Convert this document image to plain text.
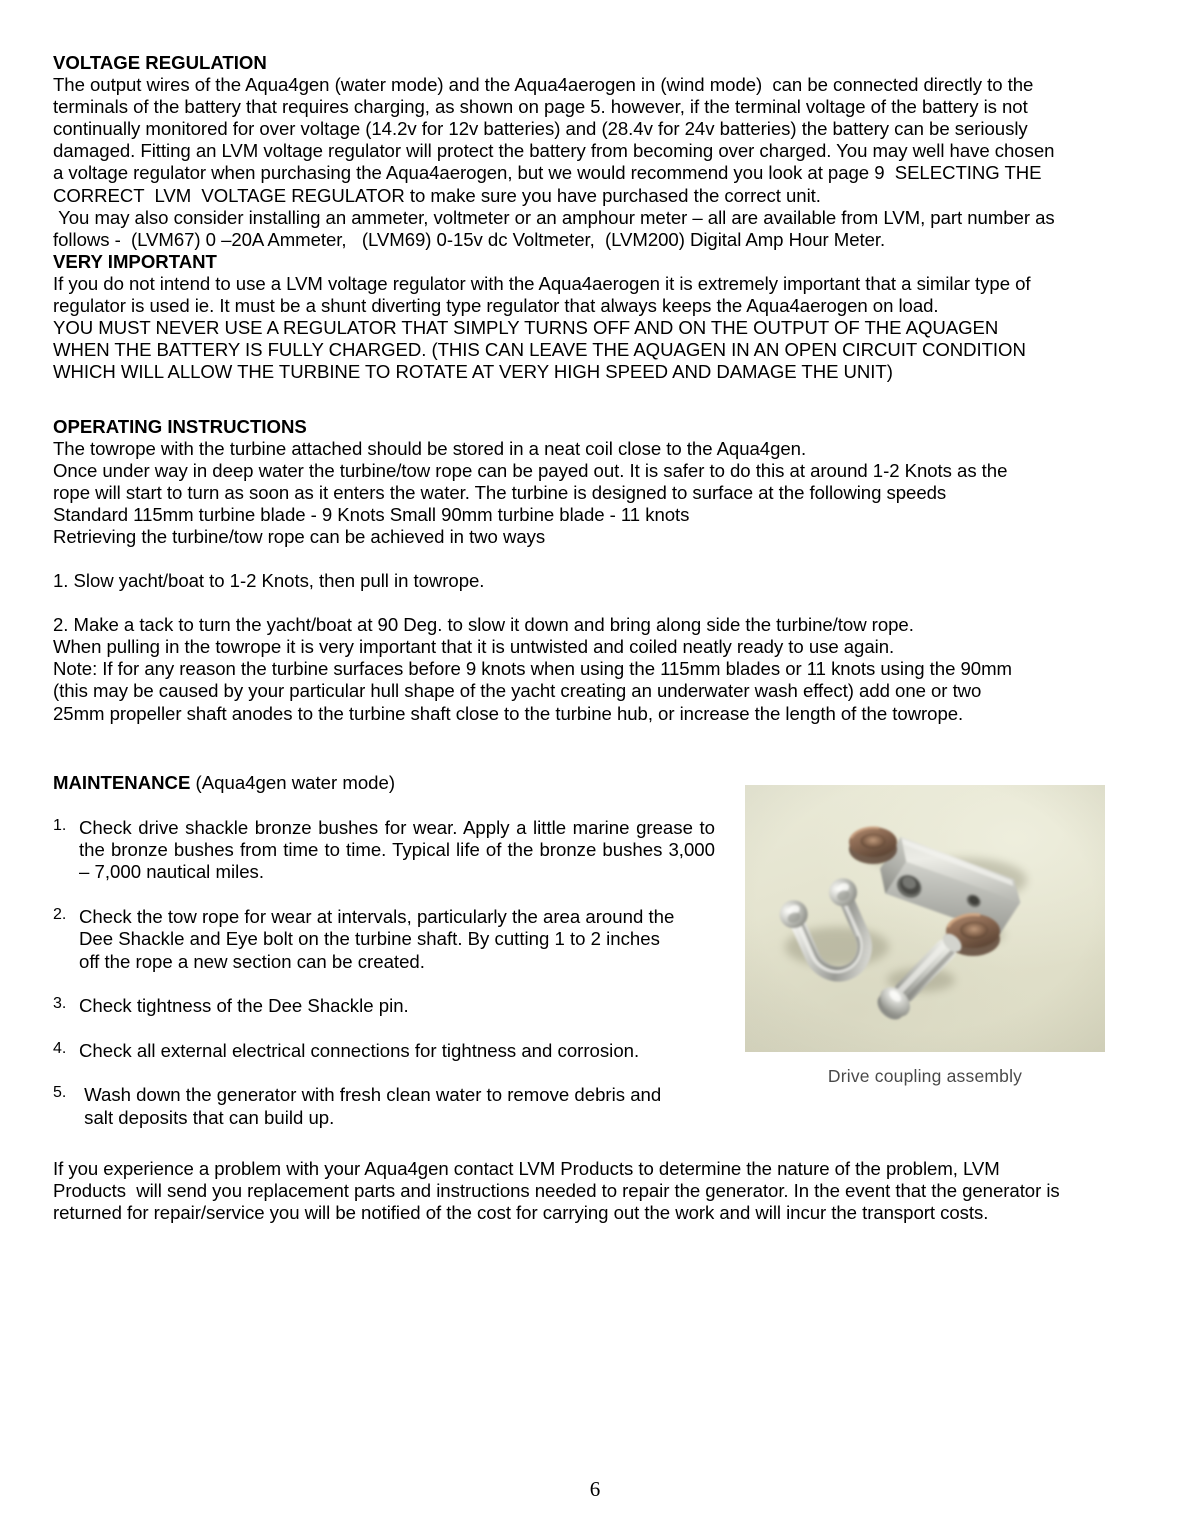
VOLTAGE REGULATION
The output wires of the Aqua4gen (water mode) and the Aqua4aerogen in (wind mode)  can be connected directly to the
terminals of the battery that requires charging, as shown on page 5. however, if the terminal voltage of the battery is not
continually monitored for over voltage (14.2v for 12v batteries) and (28.4v for 24v batteries) the battery can be seriously
damaged. Fitting an LVM voltage regulator will protect the battery from becoming over charged. You may well have chosen
a voltage regulator when purchasing the Aqua4aerogen, but we would recommend you look at page 9  SELECTING THE
CORRECT  LVM  VOLTAGE REGULATOR to make sure you have purchased the correct unit.
You may also consider installing an ammeter, voltmeter or an amphour meter – all are available from LVM, part number as
follows -  (LVM67) 0 –20A Ammeter,   (LVM69) 0-15v dc Voltmeter,  (LVM200) Digital Amp Hour Meter.
VERY IMPORTANT
If you do not intend to use a LVM voltage regulator with the Aqua4aerogen it is extremely important that a similar type of
regulator is used ie. It must be a shunt diverting type regulator that always keeps the Aqua4aerogen on load.
YOU MUST NEVER USE A REGULATOR THAT SIMPLY TURNS OFF AND ON THE OUTPUT OF THE AQUAGEN
WHEN THE BATTERY IS FULLY CHARGED. (THIS CAN LEAVE THE AQUAGEN IN AN OPEN CIRCUIT CONDITION
WHICH WILL ALLOW THE TURBINE TO ROTATE AT VERY HIGH SPEED AND DAMAGE THE UNIT)
OPERATING INSTRUCTIONS
The towrope with the turbine attached should be stored in a neat coil close to the Aqua4gen.
Once under way in deep water the turbine/tow rope can be payed out. It is safer to do this at around 1-2 Knots as the
rope will start to turn as soon as it enters the water. The turbine is designed to surface at the following speeds
Standard 115mm turbine blade - 9 Knots Small 90mm turbine blade - 11 knots
Retrieving the turbine/tow rope can be achieved in two ways
1. Slow yacht/boat to 1-2 Knots, then pull in towrope.
2. Make a tack to turn the yacht/boat at 90 Deg. to slow it down and bring along side the turbine/tow rope.
When pulling in the towrope it is very important that it is untwisted and coiled neatly ready to use again.
Note: If for any reason the turbine surfaces before 9 knots when using the 115mm blades or 11 knots using the 90mm
(this may be caused by your particular hull shape of the yacht creating an underwater wash effect) add one or two
25mm propeller shaft anodes to the turbine shaft close to the turbine hub, or increase the length of the towrope.
MAINTENANCE (Aqua4gen water mode)
1. Check drive shackle bronze bushes for wear. Apply a little marine grease to the bronze bushes from time to time. Typical life of the bronze bushes 3,000 – 7,000 nautical miles.

2. Check the tow rope for wear at intervals, particularly the area around the
Dee Shackle and Eye bolt on the turbine shaft. By cutting 1 to 2 inches
off the rope a new section can be created.
3. Check tightness of the Dee Shackle pin.
4. Check all external electrical connections for tightness and corrosion.
5. Wash down the generator with fresh clean water to remove debris and
salt deposits that can build up.
Drive coupling assembly
If you experience a problem with your Aqua4gen contact LVM Products to determine the nature of the problem, LVM
Products  will send you replacement parts and instructions needed to repair the generator. In the event that the generator is
returned for repair/service you will be notified of the cost for carrying out the work and will incur the transport costs.
6
